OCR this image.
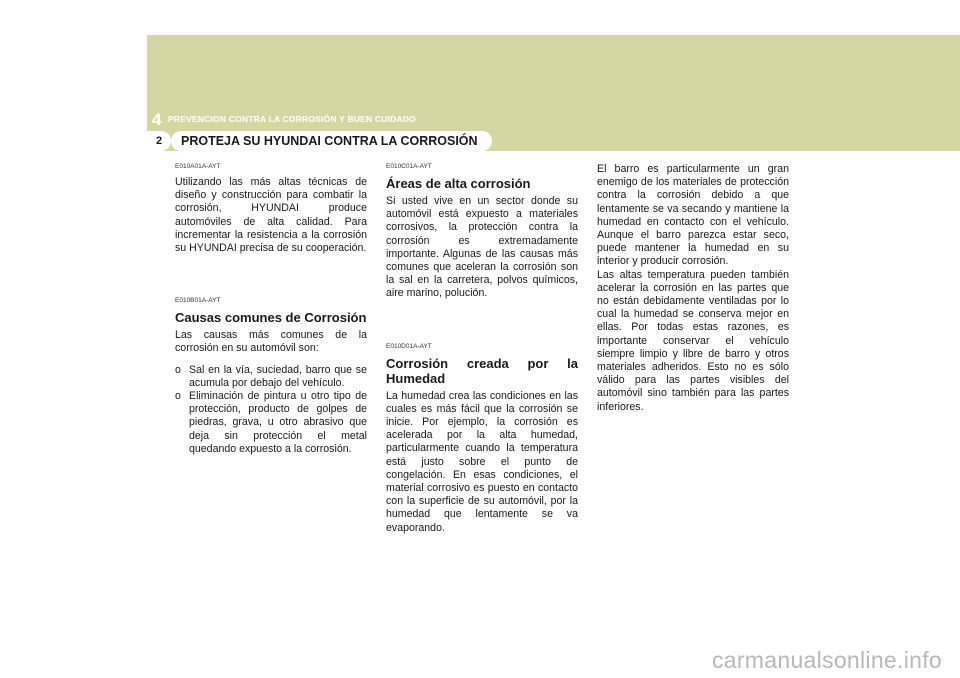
4 PREVENCION CONTRA LA CORROSIÓN Y BUEN CUIDADO
2	PROTEJA SU HYUNDAI CONTRA LA CORROSIÓN
E010A01A-AYT

Utilizando las más altas técnicas de diseño y construcción para combatir la corrosión, HYUNDAI produce automóviles de alta calidad. Para incrementar la resistencia a la corrosión su HYUNDAI precisa de su cooperación.

E010B01A-AYT
Causas comunes de Corrosión

Las causas más comunes de la corrosión en su automóvil son:

o Sal en la vía, suciedad, barro que se acumula por debajo del vehículo.
o Eliminación de pintura u otro tipo de protección, producto de golpes de piedras, grava, u otro abrasivo que deja sin protección el metal quedando expuesto a la corrosión.
E010C01A-AYT
Áreas de alta corrosión

Si usted vive en un sector donde su automóvil está expuesto a materiales corrosivos, la protección contra la corrosión es extremadamente importante. Algunas de las causas más comunes que aceleran la corrosión son la sal en la carretera, polvos químicos, aire marino, polución.

E010D01A-AYT
Corrosión creada por la Humedad

La humedad crea las condiciones en las cuales es más fácil que la corrosión se inicie. Por ejemplo, la corrosión es acelerada por la alta humedad, particularmente cuando la temperatura está justo sobre el punto de congelación. En esas condiciones, el material corrosivo es puesto en contacto con la superficie de su automóvil, por la humedad que lentamente se va evaporando.

El barro es particularmente un gran enemigo de los materiales de protección contra la corrosión debido a que lentamente se va secando y mantiene la humedad en contacto con el vehículo. Aunque el barro parezca estar seco, puede mantener la humedad en su interior y producir corrosión.

Las altas temperatura pueden también acelerar la corrosión en las partes que no están debidamente ventiladas por lo cual la humedad se conserva mejor en ellas. Por todas estas razones, es importante conservar el vehículo siempre limpio y libre de barro y otros materiales adheridos. Esto no es sólo válido para las partes visibles del automóvil sino también para las partes inferiores.

carmanualsonline.info
